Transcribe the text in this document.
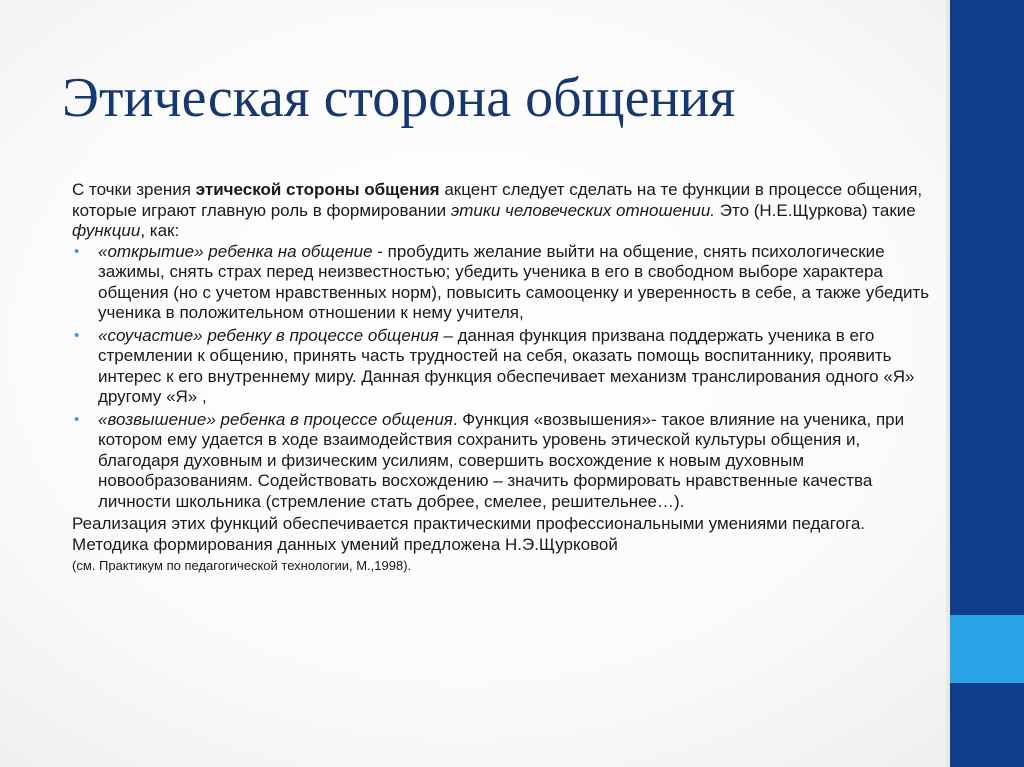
Этическая сторона общения

С точки зрения этической стороны общения акцент следует сделать на те функции в процессе общения, которые играют главную роль в формировании этики человеческих отношении. Это (Н.Е.Щуркова) такие функции, как:

• «открытие» ребенка на общение - пробудить желание выйти на общение, снять психологические зажимы, снять страх перед неизвестностью; убедить ученика в его в свободном выборе характера общения (но с учетом нравственных норм), повысить самооценку и уверенность в себе, а также убедить ученика в положительном отношении к нему учителя,
• «соучастие» ребенку в процессе общения – данная функция призвана поддержать ученика в его стремлении к общению, принять часть трудностей на себя, оказать помощь воспитаннику, проявить интерес к его внутреннему миру. Данная функция обеспечивает механизм транслирования одного «Я» другому «Я» ,
• «возвышение» ребенка в процессе общения. Функция «возвышения»- такое влияние на ученика, при котором ему удается в ходе взаимодействия сохранить уровень этической культуры общения и, благодаря духовным и физическим усилиям, совершить восхождение к новым духовным новообразованиям. Содействовать восхождению – значить формировать нравственные качества личности школьника (стремление стать добрее, смелее, решительнее…).

Реализация этих функций обеспечивается практическими профессиональными умениями педагога. Методика формирования данных умений предложена Н.Э.Щурковой
(см. Практикум по педагогической технологии, М.,1998).
